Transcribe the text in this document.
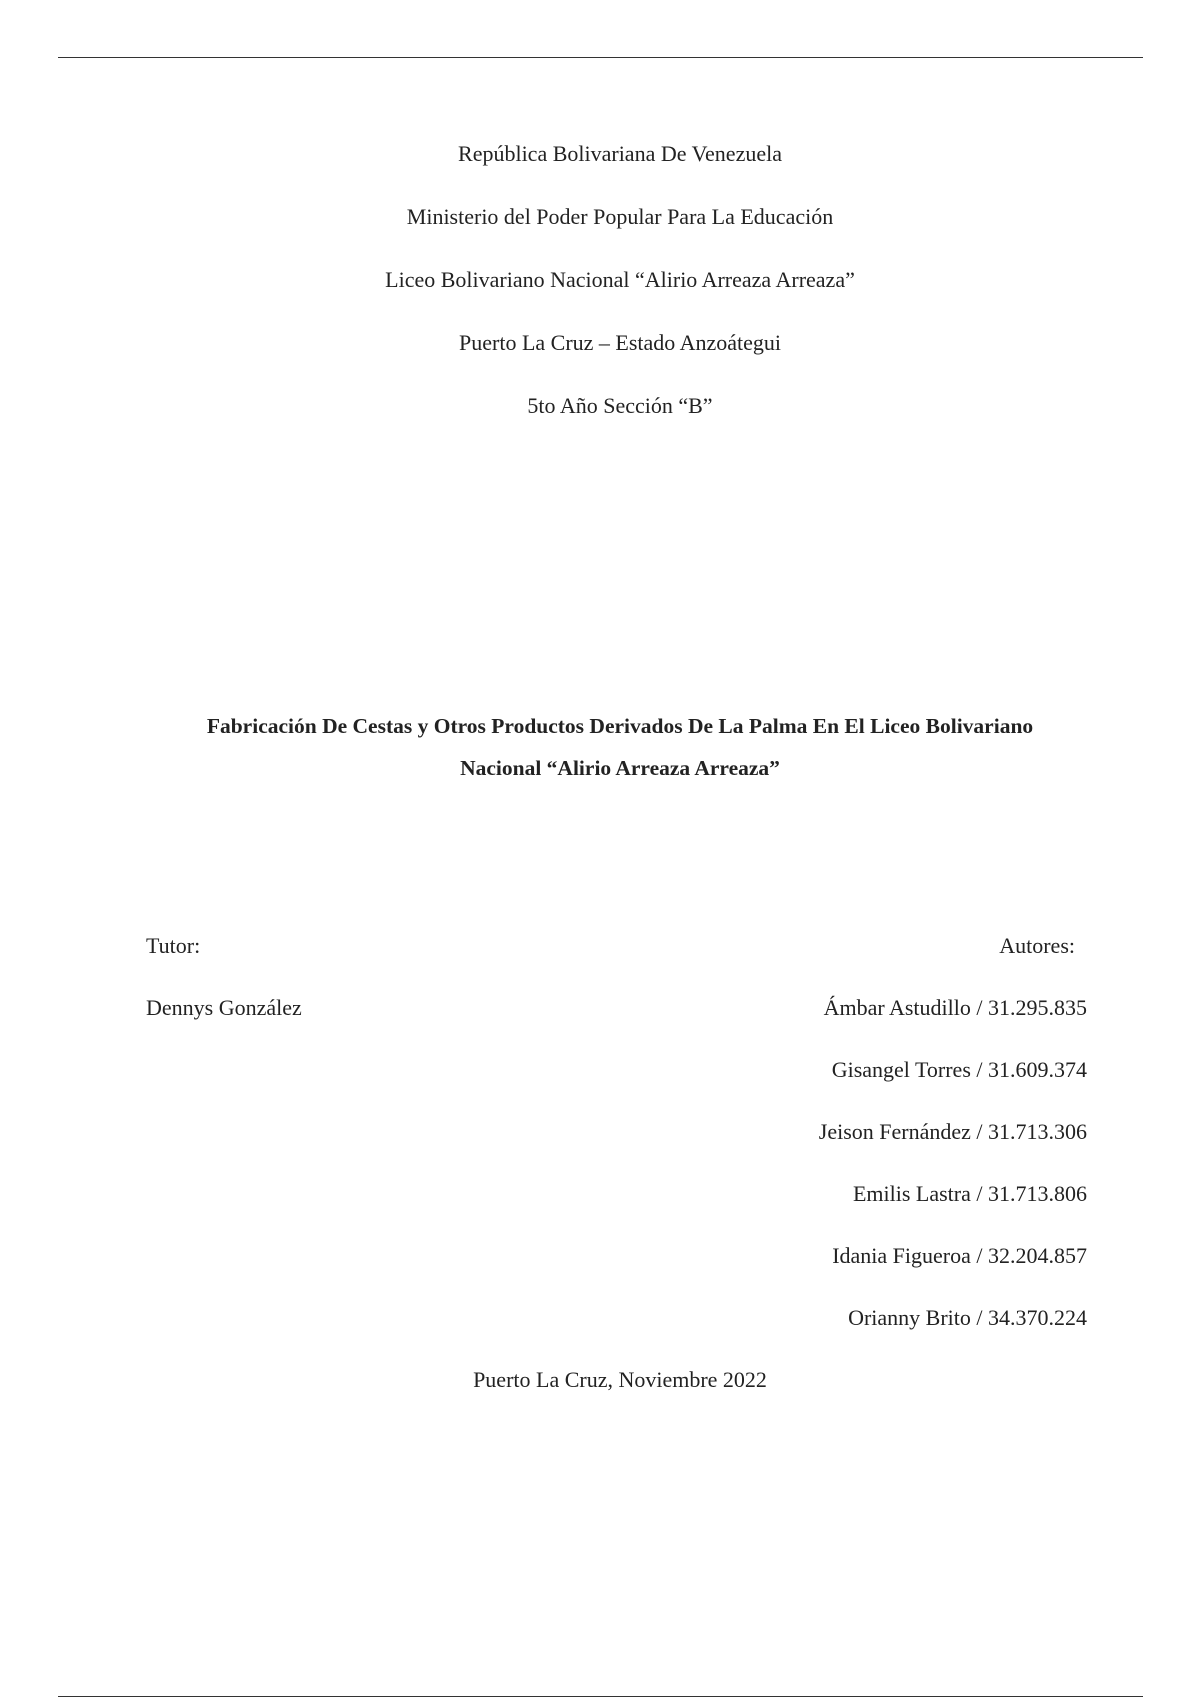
República Bolivariana De Venezuela
Ministerio del Poder Popular Para La Educación
Liceo Bolivariano Nacional “Alirio Arreaza Arreaza”
Puerto La Cruz – Estado Anzoátegui
5to Año Sección “B”
Fabricación De Cestas y Otros Productos Derivados De La Palma En El Liceo Bolivariano
Nacional “Alirio Arreaza Arreaza”
Tutor:
Dennys González
Autores:
Ámbar Astudillo / 31.295.835
Gisangel Torres / 31.609.374
Jeison Fernández / 31.713.306
Emilis Lastra / 31.713.806
Idania Figueroa / 32.204.857
Orianny Brito / 34.370.224
Puerto La Cruz, Noviembre 2022
